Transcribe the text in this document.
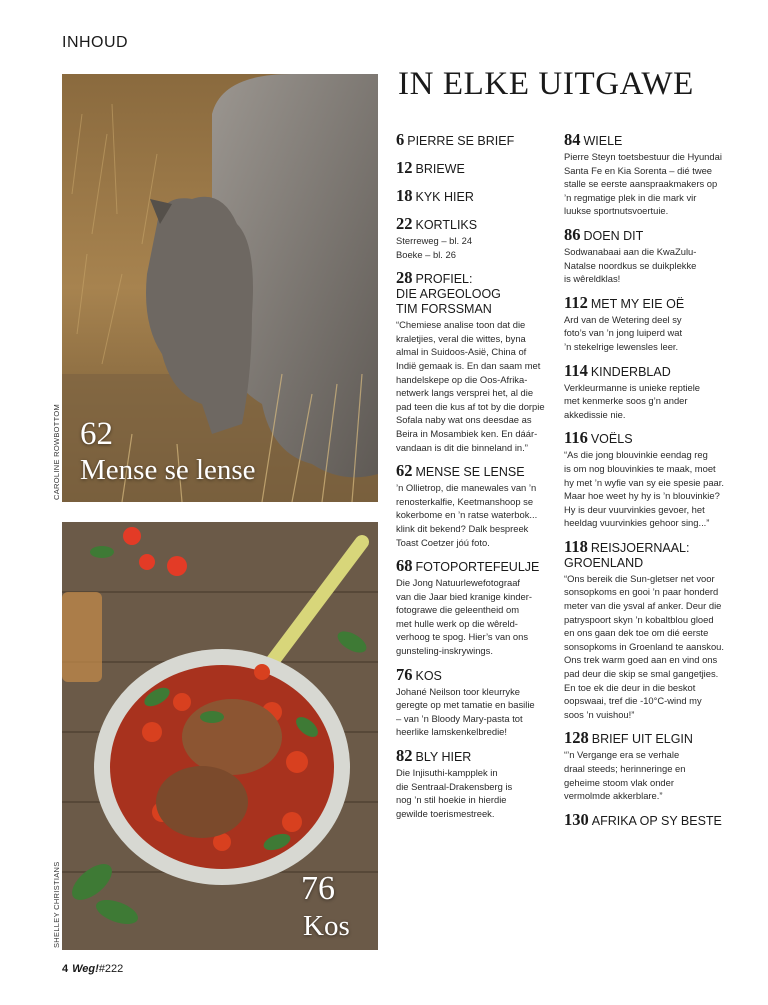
INHOUD
CAROLINE ROWBOTTOM 62
Mense se lense
SHELLEY CHRISTIANS	76
Kos
IN ELKE UITGAWE
6 PIERRE SE BRIEF
12 BRIEWE
18 KYK HIER
22 KORTLIKS
Sterreweg – bl. 24
Boeke – bl. 26
28 PROFIEL:
DIE ARGEOLOOG
TIM FORSSMAN
“Chemiese analise toon dat die
kraletjies, veral die wittes, byna
almal in Suidoos-Asië, China of
Indië gemaak is. En dan saam met
handelskepe op die Oos-Afrika-
netwerk langs versprei het, al die
pad teen die kus af tot by die dorpie
Sofala naby wat ons deesdae as
Beira in Mosambiek ken. En dáár-
vandaan is dit die binneland in.”
62 MENSE SE LENSE
’n Ollietrop, die manewales van ’n
renosterkalfie, Keetmanshoop se
kokerbome en ’n ratse waterbok...
klink dit bekend? Dalk bespreek
Toast Coetzer jóú foto.
68 FOTOPORTEFEULJE
Die Jong Natuurlewefotograaf
van die Jaar bied kranige kinder-
fotograwe die geleentheid om
met hulle werk op die wêreld-
verhoog te spog. Hier’s van ons
gunsteling-inskrywings.
76 KOS
Johané Neilson toor kleurryke
geregte op met tamatie en basilie
– van ’n Bloody Mary-pasta tot
heerlike lamskenkelbredie!
82 BLY HIER
Die Injisuthi-kampplek in
die Sentraal-Drakensberg is
nog ’n stil hoekie in hierdie
gewilde toerismestreek.
84 WIELE
Pierre Steyn toetsbestuur die Hyundai
Santa Fe en Kia Sorenta – dié twee
stalle se eerste aanspraakmakers op
’n regmatige plek in die mark vir
luukse sportnutsvoertuie.
86 DOEN DIT
Sodwanabaai aan die KwaZulu-
Natalse noordkus se duikplekke
is wêreldklas!
112 MET MY EIE OË
Ard van de Wetering deel sy
foto’s van ’n jong luiperd wat
’n stekelrige lewensles leer.
114 KINDERBLAD
Verkleurmanne is unieke reptiele
met kenmerke soos g’n ander
akkedissie nie.
116 VOËLS
“As die jong blouvinkie eendag reg
is om nog blouvinkies te maak, moet
hy met ’n wyfie van sy eie spesie paar.
Maar hoe weet hy hy is ’n blouvinkie?
Hy is deur vuurvinkies gevoer, het
heeldag vuurvinkies gehoor sing...”
118 REISJOERNAAL:
GROENLAND
“Ons bereik die Sun-gletser net voor
sonsopkoms en gooi ’n paar honderd
meter van die ysval af anker. Deur die
patryspoort skyn ’n kobaltblou gloed
en ons gaan dek toe om dié eerste
sonsopkoms in Groenland te aanskou.
Ons trek warm goed aan en vind ons
pad deur die skip se smal gangetjies.
En toe ek die deur in die beskot
oopswaai, tref die -10°C-wind my
soos ’n vuishou!”
128 BRIEF UIT ELGIN
“’n Vergange era se verhale
draal steeds; herinneringe en
geheime stoom vlak onder
vermolmde akkerblare.”
130 AFRIKA OP SY BESTE
4 Weg!#222
